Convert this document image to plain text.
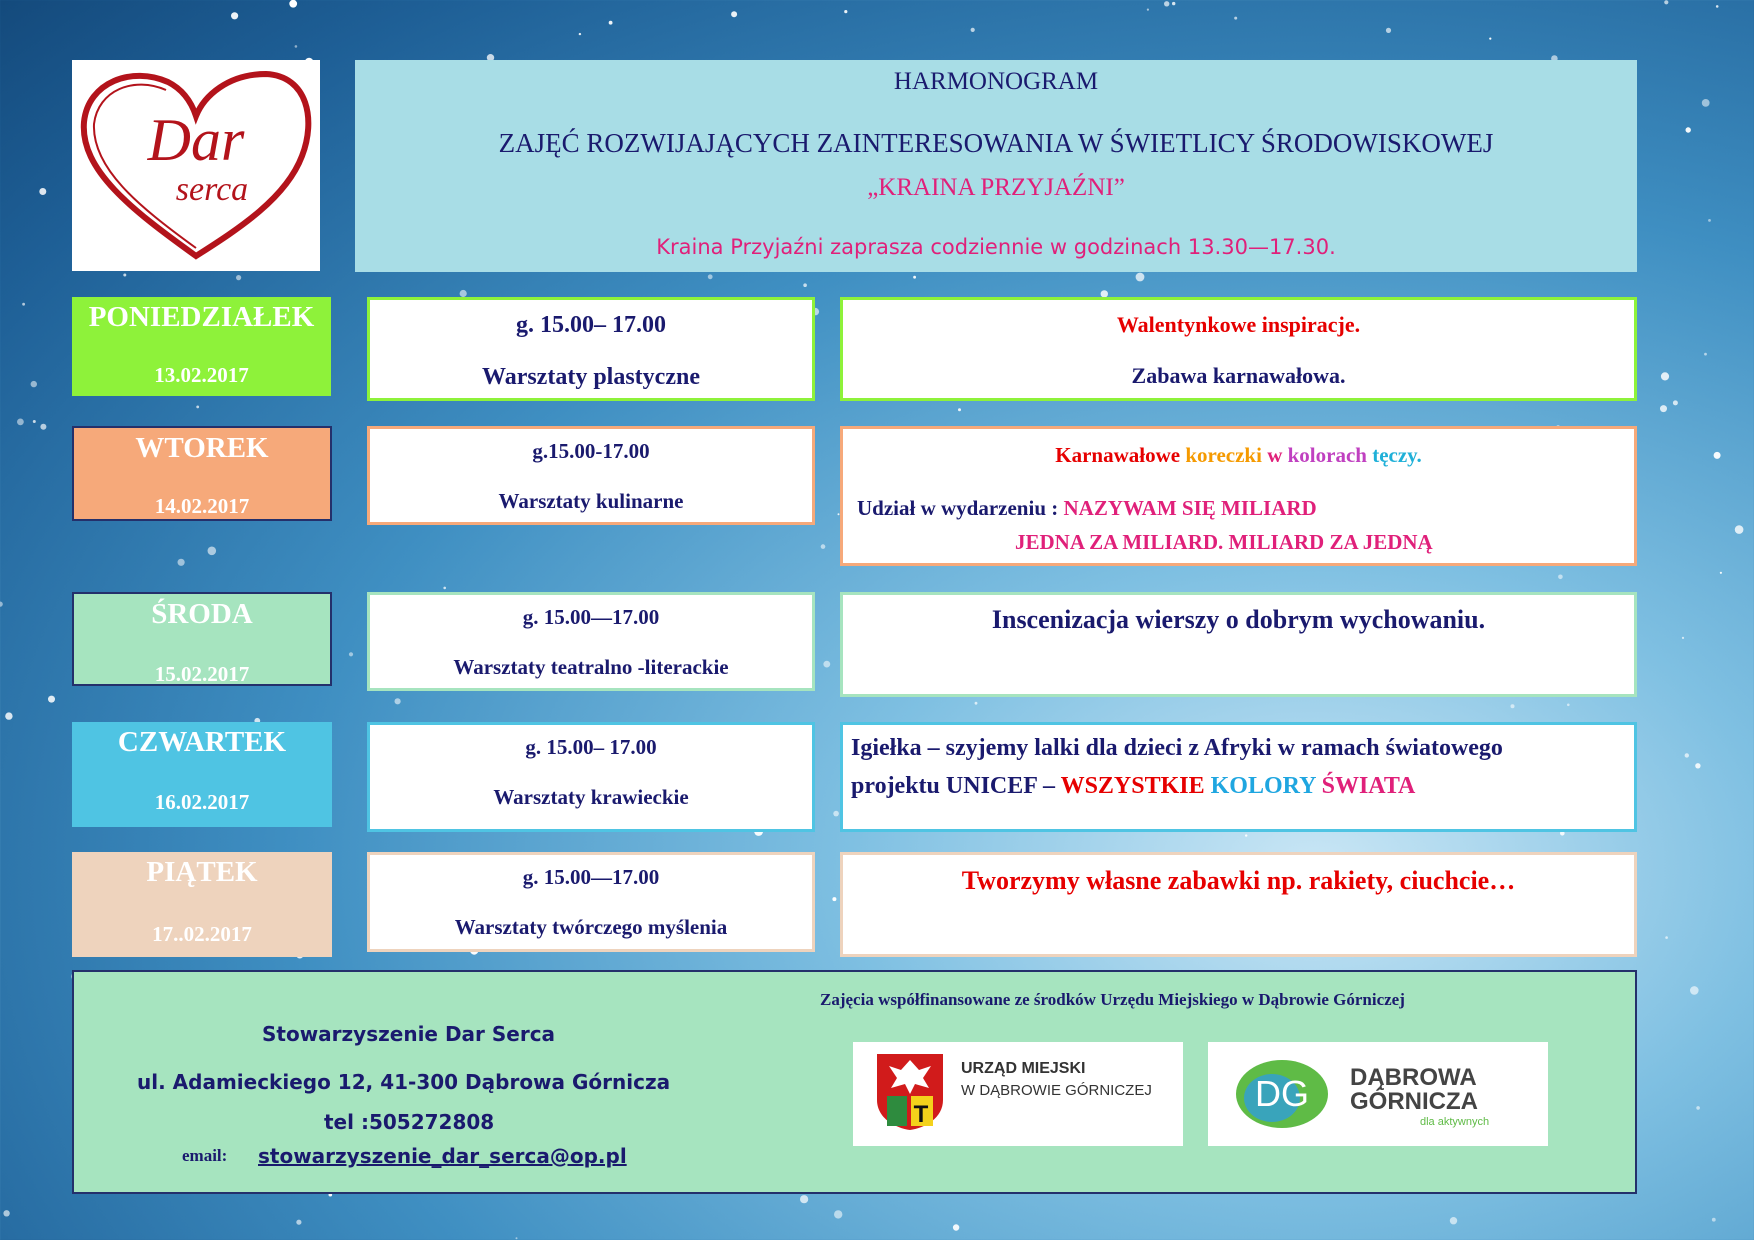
Dar
serca
HARMONOGRAM
ZAJĘĆ ROZWIJAJĄCYCH ZAINTERESOWANIA W ŚWIETLICY ŚRODOWISKOWEJ
„KRAINA PRZYJAŹNI”
Kraina Przyjaźni zaprasza codziennie w godzinach 13.30—17.30.
PONIEDZIAŁEK
13.02.2017
g. 15.00– 17.00
Warsztaty plastyczne
Walentynkowe inspiracje.
Zabawa karnawałowa.
WTOREK
14.02.2017
g.15.00-17.00
Warsztaty kulinarne
Karnawałowe koreczki w kolorach tęczy.
Udział w wydarzeniu : NAZYWAM SIĘ MILIARD
JEDNA ZA MILIARD. MILIARD ZA JEDNĄ
ŚRODA
15.02.2017
g. 15.00—17.00
Warsztaty teatralno -literackie
Inscenizacja wierszy o dobrym wychowaniu.
CZWARTEK
16.02.2017
g. 15.00– 17.00
Warsztaty krawieckie
Igiełka – szyjemy lalki dla dzieci z Afryki w ramach światowego
projektu UNICEF – WSZYSTKIE KOLORY ŚWIATA
PIĄTEK
17..02.2017
g. 15.00—17.00
Warsztaty twórczego myślenia
Tworzymy własne zabawki np. rakiety, ciuchcie…
Stowarzyszenie Dar Serca
ul. Adamieckiego 12, 41-300 Dąbrowa Górnicza
tel :505272808
email: stowarzyszenie_dar_serca@op.pl
Zajęcia współfinansowane ze środków Urzędu Miejskiego w Dąbrowie Górniczej
T
URZĄD MIEJSKI
W DĄBROWIE GÓRNICZEJ	DG DĄBROWA
GÓRNICZA
dla aktywnych
